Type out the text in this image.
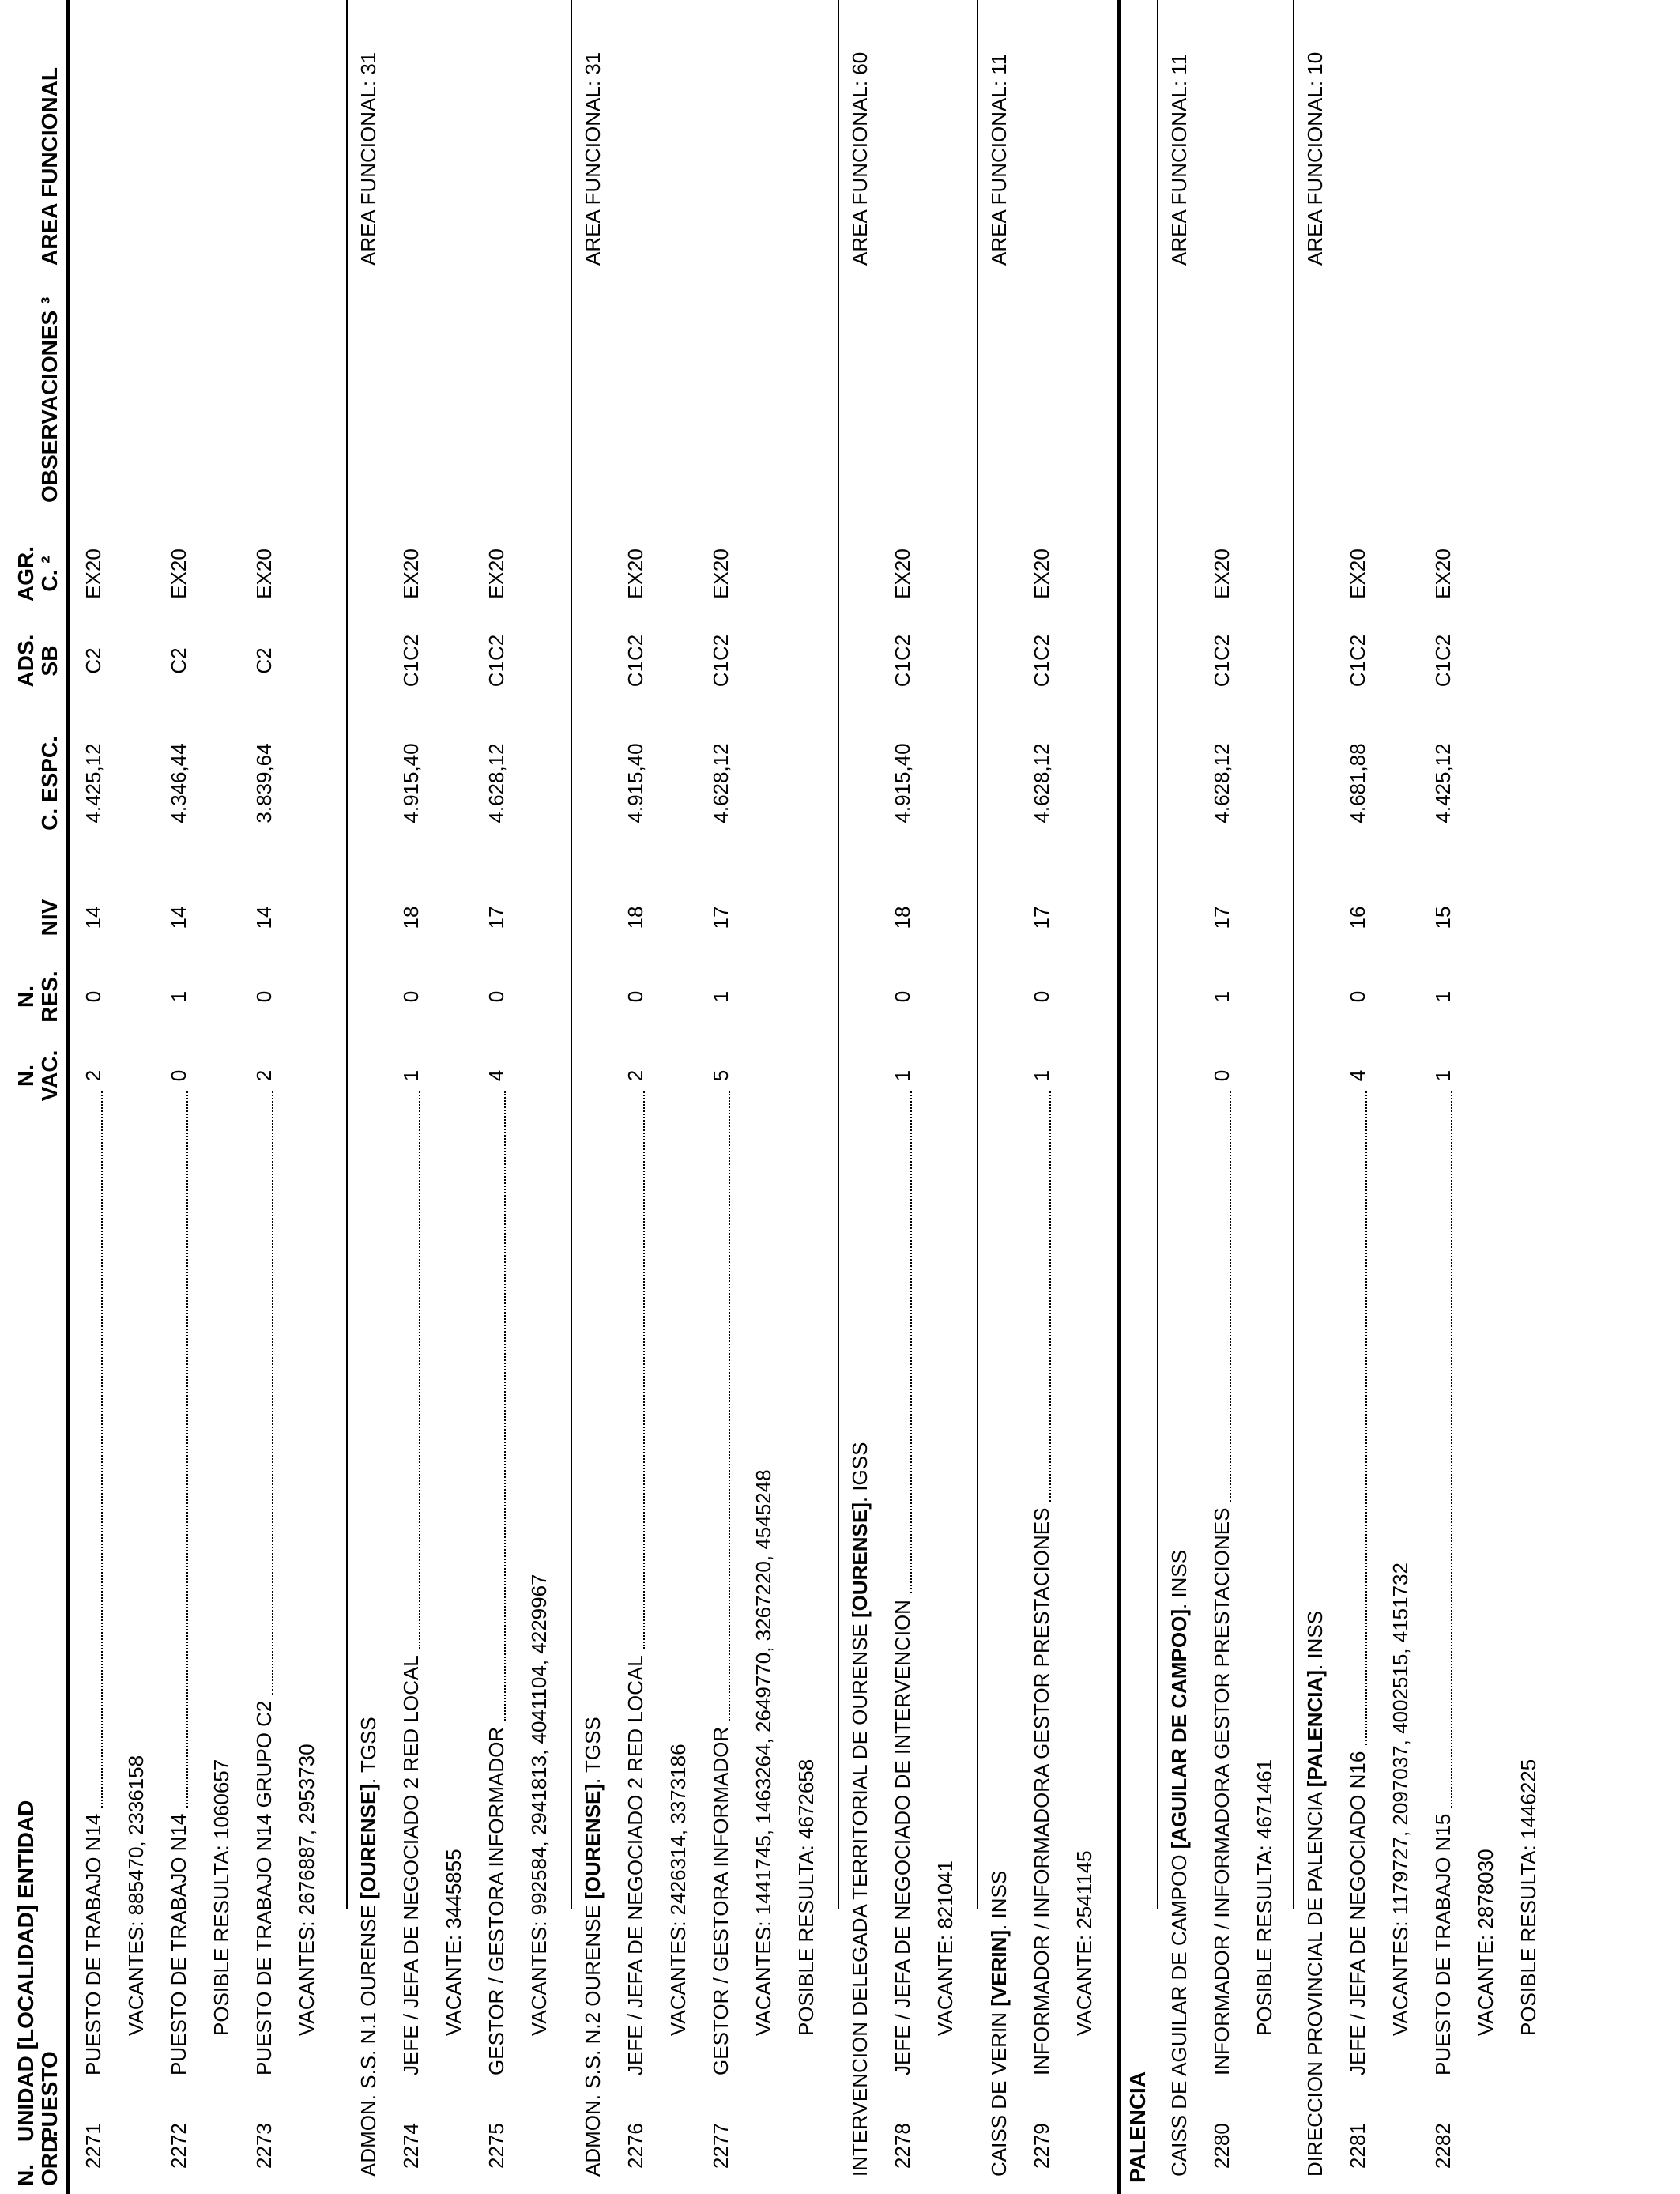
N. ORD.
UNIDAD [LOCALIDAD] ENTIDAD PUESTO
N. VAC.
N. RES.
NIV
C. ESPC.
ADS. SB
AGR. C. ²
OBSERVACIONES ³
AREA FUNCIONAL
2271
PUESTO DE TRABAJO N14
2
0
14
4.425,12
C2
EX20
VACANTES: 885470, 2336158
2272
PUESTO DE TRABAJO N14
0
1
14
4.346,44
C2
EX20
POSIBLE RESULTA: 1060657
2273
PUESTO DE TRABAJO N14 GRUPO C2
2
0
14
3.839,64
C2
EX20
VACANTES: 2676887, 2953730
ADMON. S.S. N.1 OURENSE [OURENSE]. TGSS
AREA FUNCIONAL: 31
2274
JEFE / JEFA DE NEGOCIADO 2 RED LOCAL
1
0
18
4.915,40
C1C2
EX20
VACANTE: 3445855
2275
GESTOR / GESTORA INFORMADOR
4
0
17
4.628,12
C1C2
EX20
VACANTES: 992584, 2941813, 4041104, 4229967
ADMON. S.S. N.2 OURENSE [OURENSE]. TGSS
AREA FUNCIONAL: 31
2276
JEFE / JEFA DE NEGOCIADO 2 RED LOCAL
2
0
18
4.915,40
C1C2
EX20
VACANTES: 2426314, 3373186
2277
GESTOR / GESTORA INFORMADOR
5
1
17
4.628,12
C1C2
EX20
VACANTES: 1441745, 1463264, 2649770, 3267220, 4545248 POSIBLE RESULTA: 4672658 INTERVENCION DELEGADA TERRITORIAL DE OURENSE [OURENSE]. IGSS
AREA FUNCIONAL: 60
2278
JEFE / JEFA DE NEGOCIADO DE INTERVENCION
1
0
18
4.915,40
C1C2
EX20
VACANTE: 821041
CAISS DE VERIN [VERIN]. INSS
AREA FUNCIONAL: 11
2279
INFORMADOR / INFORMADORA GESTOR PRESTACIONES
1
0
17
4.628,12
C1C2
EX20
VACANTE: 2541145
PALENCIA CAISS DE AGUILAR DE CAMPOO [AGUILAR DE CAMPOO]. INSS
AREA FUNCIONAL: 11
2280
INFORMADOR / INFORMADORA GESTOR PRESTACIONES
0
1
17
4.628,12
C1C2
EX20
POSIBLE RESULTA: 4671461 DIRECCION PROVINCIAL DE PALENCIA [PALENCIA]. INSS
AREA FUNCIONAL: 10
2281
JEFE / JEFA DE NEGOCIADO N16
4
0
16
4.681,88
C1C2
EX20
VACANTES: 1179727, 2097037, 4002515, 4151732
2282
PUESTO DE TRABAJO N15
1
1
15
4.425,12
C1C2
EX20
VACANTE: 2878030 POSIBLE RESULTA: 1446225
